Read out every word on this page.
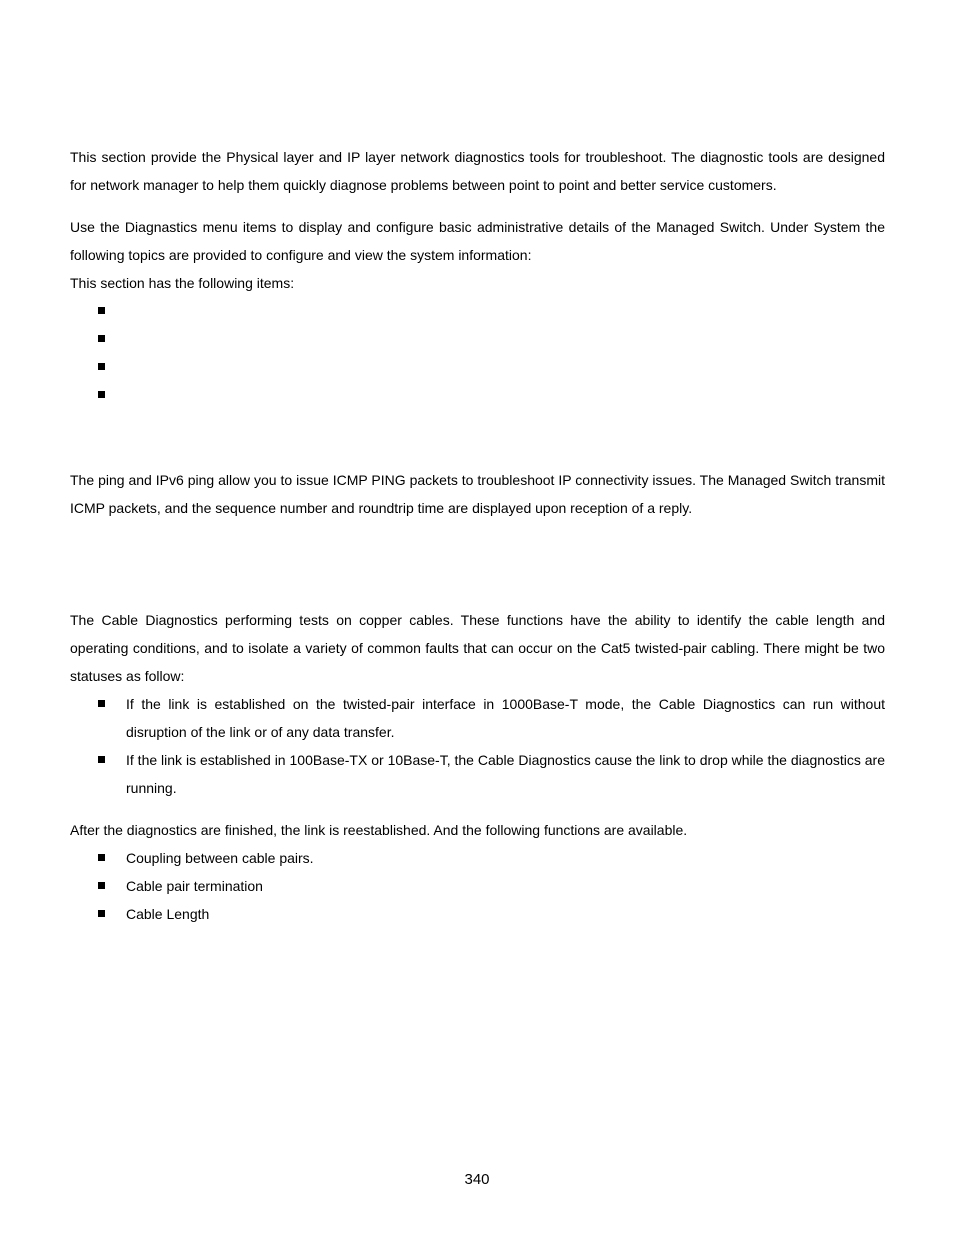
This section provide the Physical layer and IP layer network diagnostics tools for troubleshoot. The diagnostic tools are designed for network manager to help them quickly diagnose problems between point to point and better service customers.

Use the Diagnastics menu items to display and configure basic administrative details of the Managed Switch. Under System the following topics are provided to configure and view the system information:

This section has the following items:

The ping and IPv6 ping allow you to issue ICMP PING packets to troubleshoot IP connectivity issues. The Managed Switch transmit ICMP packets, and the sequence number and roundtrip time are displayed upon reception of a reply.

The Cable Diagnostics performing tests on copper cables. These functions have the ability to identify the cable length and operating conditions, and to isolate a variety of common faults that can occur on the Cat5 twisted-pair cabling. There might be two statuses as follow:

If the link is established on the twisted-pair interface in 1000Base-T mode, the Cable Diagnostics can run without disruption of the link or of any data transfer.
If the link is established in 100Base-TX or 10Base-T, the Cable Diagnostics cause the link to drop while the diagnostics are running.

After the diagnostics are finished, the link is reestablished. And the following functions are available.

Coupling between cable pairs.
Cable pair termination
Cable Length
340
